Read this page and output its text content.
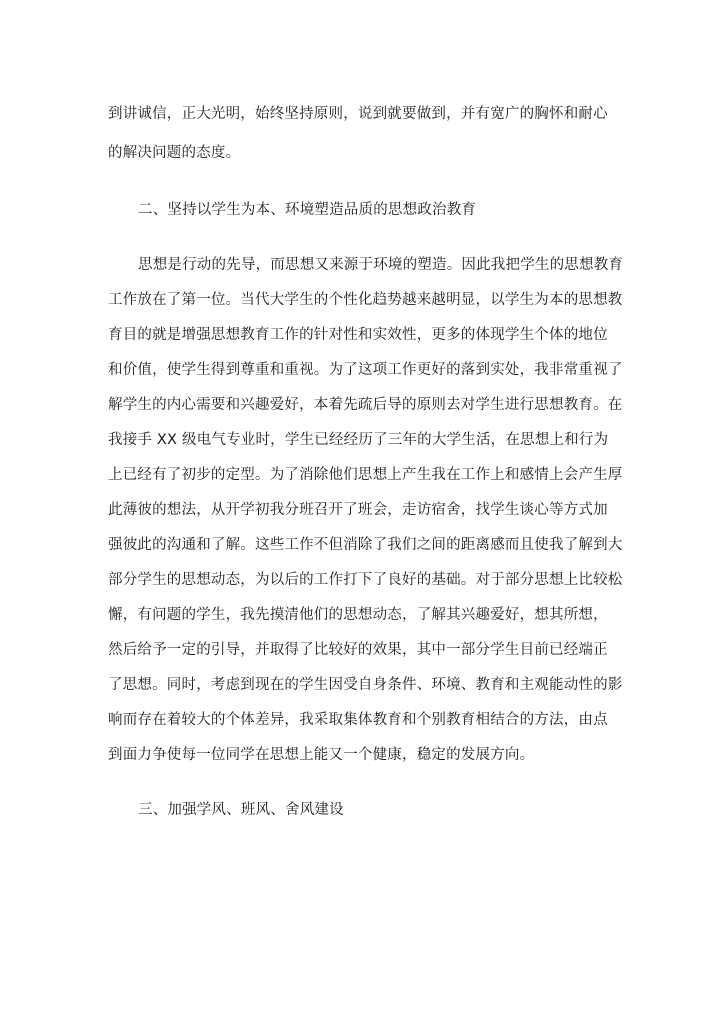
到讲诚信，正大光明，始终坚持原则，说到就要做到，并有宽广的胸怀和耐心
的解决问题的态度。
二、坚持以学生为本、环境塑造品质的思想政治教育
思想是行动的先导，而思想又来源于环境的塑造。因此我把学生的思想教育
工作放在了第一位。当代大学生的个性化趋势越来越明显，以学生为本的思想教
育目的就是增强思想教育工作的针对性和实效性，更多的体现学生个体的地位
和价值，使学生得到尊重和重视。为了这项工作更好的落到实处，我非常重视了
解学生的内心需要和兴趣爱好，本着先疏后导的原则去对学生进行思想教育。在
我接手 XX 级电气专业时，学生已经经历了三年的大学生活，在思想上和行为
上已经有了初步的定型。为了消除他们思想上产生我在工作上和感情上会产生厚
此薄彼的想法，从开学初我分班召开了班会，走访宿舍，找学生谈心等方式加
强彼此的沟通和了解。这些工作不但消除了我们之间的距离感而且使我了解到大
部分学生的思想动态，为以后的工作打下了良好的基础。对于部分思想上比较松
懈，有问题的学生，我先摸清他们的思想动态，了解其兴趣爱好，想其所想，
然后给予一定的引导，并取得了比较好的效果，其中一部分学生目前已经端正
了思想。同时，考虑到现在的学生因受自身条件、环境、教育和主观能动性的影
响而存在着较大的个体差异，我采取集体教育和个别教育相结合的方法，由点
到面力争使每一位同学在思想上能又一个健康，稳定的发展方向。
三、加强学风、班风、舍风建设
